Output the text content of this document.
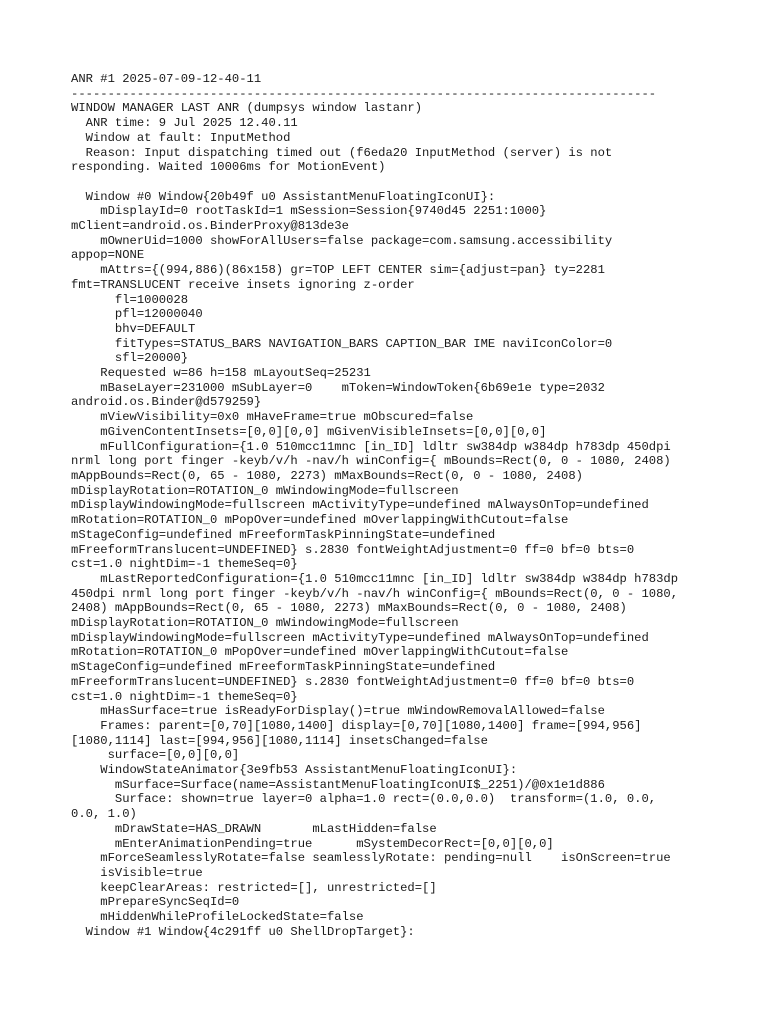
ANR #1 2025-07-09-12-40-11
--------------------------------------------------------------------------------
WINDOW MANAGER LAST ANR (dumpsys window lastanr)
ANR time: 9 Jul 2025 12.40.11
Window at fault: InputMethod
Reason: Input dispatching timed out (f6eda20 InputMethod (server) is not
responding. Waited 10006ms for MotionEvent)

Window #0 Window{20b49f u0 AssistantMenuFloatingIconUI}:
mDisplayId=0 rootTaskId=1 mSession=Session{9740d45 2251:1000}
mClient=android.os.BinderProxy@813de3e
mOwnerUid=1000 showForAllUsers=false package=com.samsung.accessibility
appop=NONE
mAttrs={(994,886)(86x158) gr=TOP LEFT CENTER sim={adjust=pan} ty=2281
fmt=TRANSLUCENT receive insets ignoring z-order
fl=1000028
pfl=12000040
bhv=DEFAULT
fitTypes=STATUS_BARS NAVIGATION_BARS CAPTION_BAR IME naviIconColor=0
sfl=20000}
Requested w=86 h=158 mLayoutSeq=25231
mBaseLayer=231000 mSubLayer=0    mToken=WindowToken{6b69e1e type=2032
android.os.Binder@d579259}
mViewVisibility=0x0 mHaveFrame=true mObscured=false
mGivenContentInsets=[0,0][0,0] mGivenVisibleInsets=[0,0][0,0]
mFullConfiguration={1.0 510mcc11mnc [in_ID] ldltr sw384dp w384dp h783dp 450dpi
nrml long port finger -keyb/v/h -nav/h winConfig={ mBounds=Rect(0, 0 - 1080, 2408)
mAppBounds=Rect(0, 65 - 1080, 2273) mMaxBounds=Rect(0, 0 - 1080, 2408)
mDisplayRotation=ROTATION_0 mWindowingMode=fullscreen
mDisplayWindowingMode=fullscreen mActivityType=undefined mAlwaysOnTop=undefined
mRotation=ROTATION_0 mPopOver=undefined mOverlappingWithCutout=false
mStageConfig=undefined mFreeformTaskPinningState=undefined
mFreeformTranslucent=UNDEFINED} s.2830 fontWeightAdjustment=0 ff=0 bf=0 bts=0
cst=1.0 nightDim=-1 themeSeq=0}
mLastReportedConfiguration={1.0 510mcc11mnc [in_ID] ldltr sw384dp w384dp h783dp
450dpi nrml long port finger -keyb/v/h -nav/h winConfig={ mBounds=Rect(0, 0 - 1080,
2408) mAppBounds=Rect(0, 65 - 1080, 2273) mMaxBounds=Rect(0, 0 - 1080, 2408)
mDisplayRotation=ROTATION_0 mWindowingMode=fullscreen
mDisplayWindowingMode=fullscreen mActivityType=undefined mAlwaysOnTop=undefined
mRotation=ROTATION_0 mPopOver=undefined mOverlappingWithCutout=false
mStageConfig=undefined mFreeformTaskPinningState=undefined
mFreeformTranslucent=UNDEFINED} s.2830 fontWeightAdjustment=0 ff=0 bf=0 bts=0
cst=1.0 nightDim=-1 themeSeq=0}
mHasSurface=true isReadyForDisplay()=true mWindowRemovalAllowed=false
Frames: parent=[0,70][1080,1400] display=[0,70][1080,1400] frame=[994,956]
[1080,1114] last=[994,956][1080,1114] insetsChanged=false
surface=[0,0][0,0]
WindowStateAnimator{3e9fb53 AssistantMenuFloatingIconUI}:
mSurface=Surface(name=AssistantMenuFloatingIconUI$_2251)/@0x1e1d886
Surface: shown=true layer=0 alpha=1.0 rect=(0.0,0.0)  transform=(1.0, 0.0,
0.0, 1.0)
mDrawState=HAS_DRAWN       mLastHidden=false
mEnterAnimationPending=true      mSystemDecorRect=[0,0][0,0]
mForceSeamlesslyRotate=false seamlesslyRotate: pending=null    isOnScreen=true
isVisible=true
keepClearAreas: restricted=[], unrestricted=[]
mPrepareSyncSeqId=0
mHiddenWhileProfileLockedState=false
Window #1 Window{4c291ff u0 ShellDropTarget}:
